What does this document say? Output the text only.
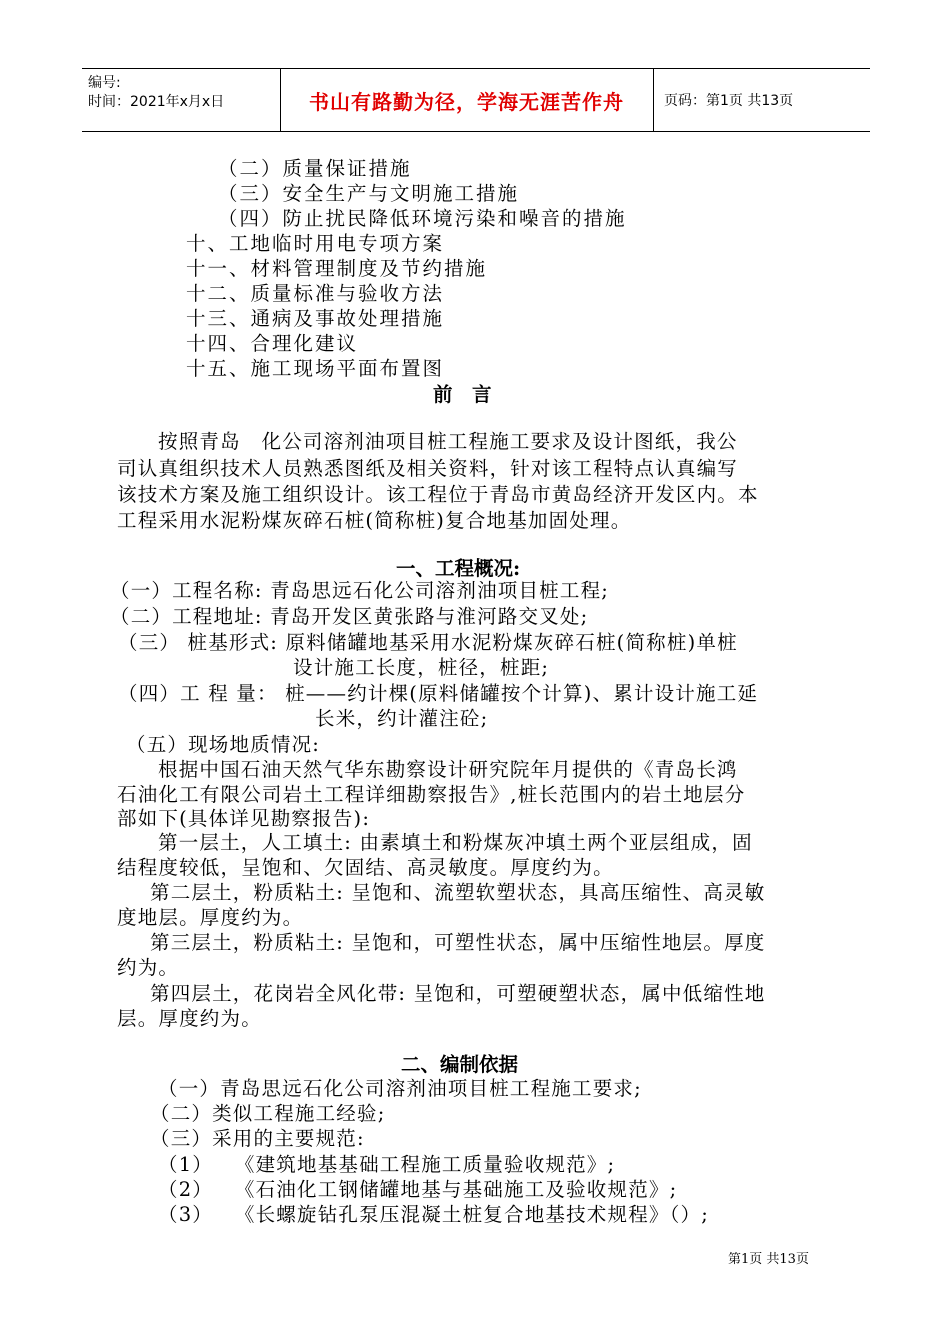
编号:
时间：2021年x月x日	书山有路勤为径，学海无涯苦作舟	页码：第1页 共13页
（二）质量保证措施
（三）安全生产与文明施工措施
（四）防止扰民降低环境污染和噪音的措施
十、工地临时用电专项方案
十一、材料管理制度及节约措施
十二、质量标准与验收方法
十三、通病及事故处理措施
十四、合理化建议
十五、施工现场平面布置图
前　言
按照青岛　化公司溶剂油项目桩工程施工要求及设计图纸，我公
司认真组织技术人员熟悉图纸及相关资料，针对该工程特点认真编写
该技术方案及施工组织设计。该工程位于青岛市黄岛经济开发区内。本
工程采用水泥粉煤灰碎石桩(简称桩)复合地基加固处理。
一、工程概况:
（一）工程名称: 青岛思远石化公司溶剂油项目桩工程;
（二）工程地址: 青岛开发区黄张路与淮河路交叉处;
（三） 桩基形式: 原料储罐地基采用水泥粉煤灰碎石桩(简称桩)单桩
设计施工长度，桩径，桩距;
（四）工 程 量： 桩——约计棵(原料储罐按个计算)、累计设计施工延
长米，约计灌注砼;
（五）现场地质情况:
根据中国石油天然气华东勘察设计研究院年月提供的《青岛长鸿
石油化工有限公司岩土工程详细勘察报告》,桩长范围内的岩土地层分
部如下(具体详见勘察报告):
第一层土，人工填土: 由素填土和粉煤灰冲填土两个亚层组成，固
结程度较低，呈饱和、欠固结、高灵敏度。厚度约为。
第二层土，粉质粘土: 呈饱和、流塑软塑状态，具高压缩性、高灵敏
度地层。厚度约为。
第三层土，粉质粘土: 呈饱和，可塑性状态，属中压缩性地层。厚度
约为。
第四层土，花岗岩全风化带: 呈饱和，可塑硬塑状态，属中低缩性地
层。厚度约为。
二、编制依据
（一）青岛思远石化公司溶剂油项目桩工程施工要求;
（二）类似工程施工经验;
（三）采用的主要规范:
（1）　　《建筑地基基础工程施工质量验收规范》;
（2）　　《石油化工钢储罐地基与基础施工及验收规范》;
（3）　　《长螺旋钻孔泵压混凝土桩复合地基技术规程》（）;
第1页 共13页
